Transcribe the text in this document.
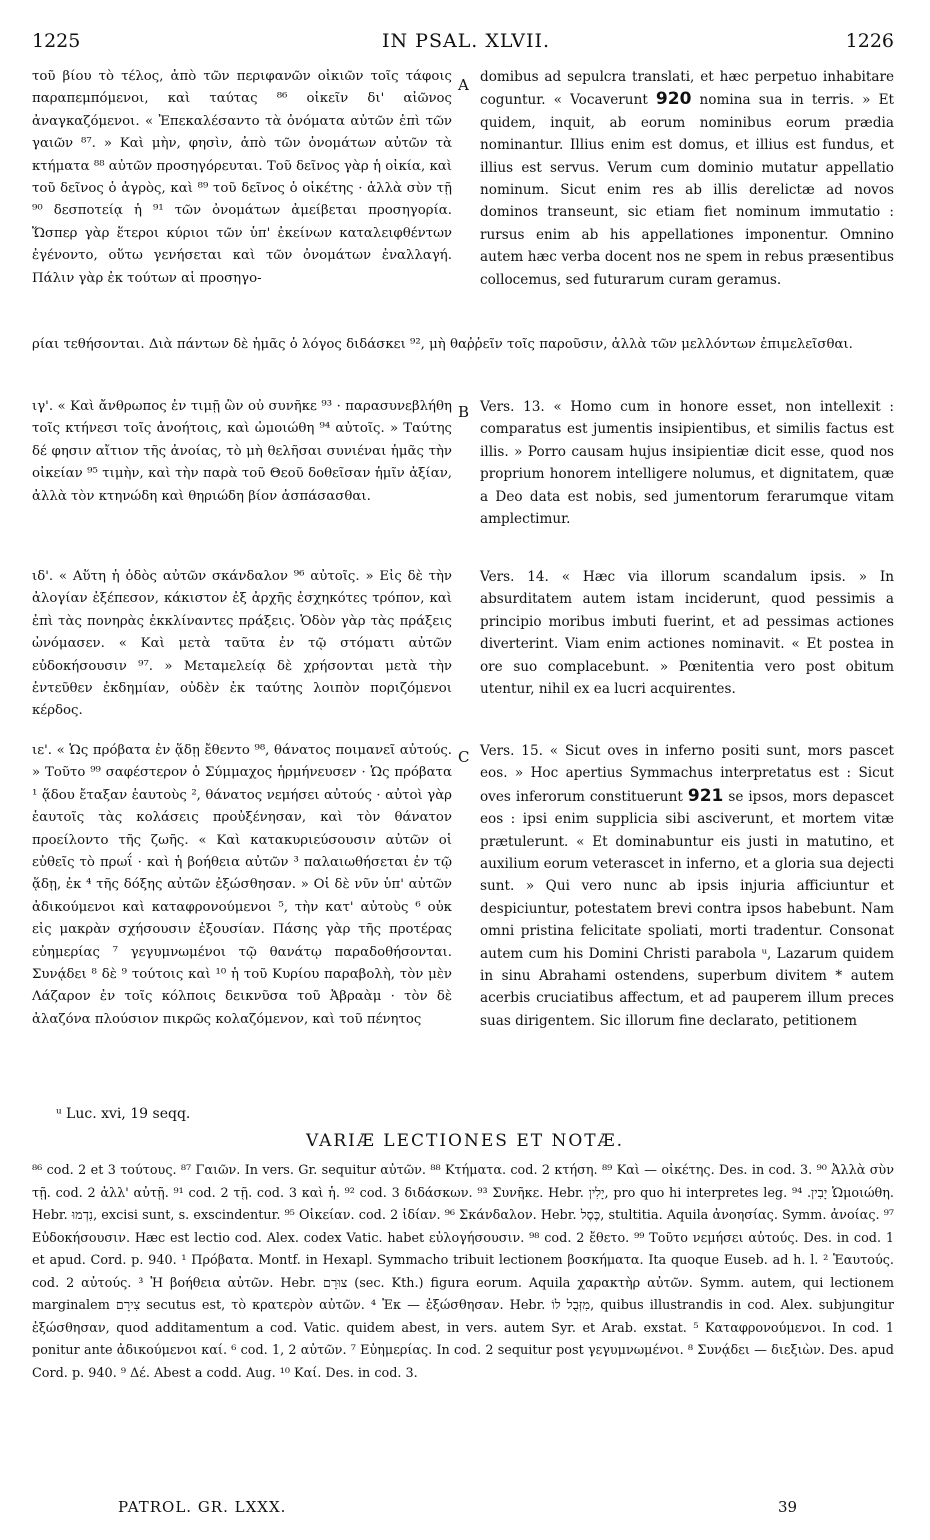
1225	IN PSAL. XLVII.	1226
τοῦ βίου τὸ τέλος, ἀπὸ τῶν περιφανῶν οἰκιῶν τοῖς τάφοις παραπεμπόμενοι, καὶ ταύτας ⁸⁶ οἰκεῖν δι' αἰῶνος ἀναγκαζόμενοι. « Ἐπεκαλέσαντο τὰ ὀνόματα αὐτῶν ἐπὶ τῶν γαιῶν ⁸⁷. » Καὶ μὴν, φησὶν, ἀπὸ τῶν ὀνομάτων αὐτῶν τὰ κτήματα ⁸⁸ αὐτῶν προσηγόρευται. Τοῦ δεῖνος γὰρ ἡ οἰκία, καὶ τοῦ δεῖνος ὁ ἀγρὸς, καὶ ⁸⁹ τοῦ δεῖνος ὁ οἰκέτης · ἀλλὰ σὺν τῇ ⁹⁰ δεσποτείᾳ ἡ ⁹¹ τῶν ὀνομάτων ἀμείβεται προσηγορία. Ὥσπερ γὰρ ἕτεροι κύριοι τῶν ὑπ' ἐκείνων καταλειφθέντων ἐγένοντο, οὕτω γενήσεται καὶ τῶν ὀνομάτων ἐναλλαγή. Πάλιν γὰρ ἐκ τούτων αἱ προσηγο-
A domibus ad sepulcra translati, et hæc perpetuo inhabitare coguntur. « Vocaverunt 920 nomina sua in terris. » Et quidem, inquit, ab eorum nominibus eorum prædia nominantur. Illius enim est domus, et illius est fundus, et illius est servus. Verum cum dominio mutatur appellatio nominum. Sicut enim res ab illis derelictæ ad novos dominos transeunt, sic etiam fiet nominum immutatio : rursus enim ab his appellationes imponentur. Omnino autem hæc verba docent nos ne spem in rebus præsentibus collocemus, sed futurarum curam geramus.
ρίαι τεθήσονται. Διὰ πάντων δὲ ἡμᾶς ὁ λόγος διδάσκει ⁹², μὴ θαῤῥεῖν τοῖς παροῦσιν, ἀλλὰ τῶν μελλόντων ἐπιμελεῖσθαι.
ιγ'. « Καὶ ἄνθρωπος ἐν τιμῇ ὢν οὐ συνῆκε ⁹³ · παρασυνεβλήθη τοῖς κτήνεσι τοῖς ἀνοήτοις, καὶ ὡμοιώθη ⁹⁴ αὐτοῖς. » Ταύτης δέ φησιν αἴτιον τῆς ἀνοίας, τὸ μὴ θελῆσαι συνιέναι ἡμᾶς τὴν οἰκείαν ⁹⁵ τιμὴν, καὶ τὴν παρὰ τοῦ Θεοῦ δοθεῖσαν ἡμῖν ἀξίαν, ἀλλὰ τὸν κτηνώδη καὶ θηριώδη βίον ἀσπάσασθαι.
B Vers. 13. « Homo cum in honore esset, non intellexit : comparatus est jumentis insipientibus, et similis factus est illis. » Porro causam hujus insipientiæ dicit esse, quod nos proprium honorem intelligere nolumus, et dignitatem, quæ a Deo data est nobis, sed jumentorum ferarumque vitam amplectimur.
ιδ'. « Αὕτη ἡ ὁδὸς αὐτῶν σκάνδαλον ⁹⁶ αὐτοῖς. » Εἰς δὲ τὴν ἀλογίαν ἐξέπεσον, κάκιστον ἐξ ἀρχῆς ἐσχηκότες τρόπον, καὶ ἐπὶ τὰς πονηρὰς ἐκκλίναντες πράξεις. Ὁδὸν γὰρ τὰς πράξεις ὠνόμασεν. « Καὶ μετὰ ταῦτα ἐν τῷ στόματι αὐτῶν εὐδοκήσουσιν ⁹⁷. » Μεταμελείᾳ δὲ χρήσονται μετὰ τὴν ἐντεῦθεν ἐκδημίαν, οὐδὲν ἐκ ταύτης λοιπὸν ποριζόμενοι κέρδος.
Vers. 14. « Hæc via illorum scandalum ipsis. » In absurditatem autem istam inciderunt, quod pessimis a principio moribus imbuti fuerint, et ad pessimas actiones diverterint. Viam enim actiones nominavit. « Et postea in ore suo complacebunt. » Pœnitentia vero post obitum utentur, nihil ex ea lucri acquirentes.
ιε'. « Ὡς πρόβατα ἐν ᾅδῃ ἔθεντο ⁹⁸, θάνατος ποιμανεῖ αὐτούς. » Τοῦτο ⁹⁹ σαφέστερον ὁ Σύμμαχος ἡρμήνευσεν · Ὡς πρόβατα ¹ ᾅδου ἔταξαν ἑαυτοὺς ², θάνατος νεμήσει αὐτούς · αὐτοὶ γὰρ ἑαυτοῖς τὰς κολάσεις προὐξένησαν, καὶ τὸν θάνατον προείλοντο τῆς ζωῆς. « Καὶ κατακυριεύσουσιν αὐτῶν οἱ εὐθεῖς τὸ πρωΐ · καὶ ἡ βοήθεια αὐτῶν ³ παλαιωθήσεται ἐν τῷ ᾅδῃ, ἐκ ⁴ τῆς δόξης αὐτῶν ἐξώσθησαν. » Οἱ δὲ νῦν ὑπ' αὐτῶν ἀδικούμενοι καὶ καταφρονούμενοι ⁵, τὴν κατ' αὐτοὺς ⁶ οὐκ εἰς μακρὰν σχήσουσιν ἐξουσίαν. Πάσης γὰρ τῆς προτέρας εὐημερίας ⁷ γεγυμνωμένοι τῷ θανάτῳ παραδοθήσονται. Συνᾴδει ⁸ δὲ ⁹ τούτοις καὶ ¹⁰ ἡ τοῦ Κυρίου παραβολὴ, τὸν μὲν Λάζαρον ἐν τοῖς κόλποις δεικνῦσα τοῦ Ἀβραὰμ · τὸν δὲ ἀλαζόνα πλούσιον πικρῶς κολαζόμενον, καὶ τοῦ πένητος
C Vers. 15. « Sicut oves in inferno positi sunt, mors pascet eos. » Hoc apertius Symmachus interpretatus est : Sicut oves inferorum constituerunt 921 se ipsos, mors depascet eos : ipsi enim supplicia sibi asciverunt, et mortem vitæ prætulerunt. « Et dominabuntur eis justi in matutino, et auxilium eorum veterascet in inferno, et a gloria sua dejecti sunt. » Qui vero nunc ab ipsis injuria afficiuntur et despiciuntur, potestatem brevi contra ipsos habebunt. Nam omni pristina felicitate spoliati, morti tradentur. Consonat autem cum his Domini Christi parabola ᵘ, Lazarum quidem in sinu Abrahami ostendens, superbum divitem * autem acerbis cruciatibus affectum, et ad pauperem illum preces suas dirigentem. Sic illorum fine declarato, petitionem
ᵘ Luc. xvi, 19 seqq.
VARIÆ LECTIONES ET NOTÆ.
⁸⁶ cod. 2 et 3 τούτους. ⁸⁷ Γαιῶν. In vers. Gr. sequitur αὐτῶν. ⁸⁸ Κτήματα. cod. 2 κτήση. ⁸⁹ Καὶ — οἰκέτης. Des. in cod. 3. ⁹⁰ Ἀλλὰ σὺν τῇ. cod. 2 ἀλλ' αὐτῇ. ⁹¹ cod. 2 τῇ. cod. 3 καὶ ἡ. ⁹² cod. 3 διδάσκων. ⁹³ Συνῆκε. Hebr. יָלִין, pro quo hi interpretes leg. יָבִין. ⁹⁴ Ὡμοιώθη. Hebr. נִדְמוּ, excisi sunt, s. exscindentur. ⁹⁵ Οἰκείαν. cod. 2 ἰδίαν. ⁹⁶ Σκάνδαλον. Hebr. כֶּסֶל, stultitia. Aquila ἀνοησίας. Symm. ἀνοίας. ⁹⁷ Εὐδοκήσουσιν. Hæc est lectio cod. Alex. codex Vatic. habet εὐλογήσουσιν. ⁹⁸ cod. 2 ἔθετο. ⁹⁹ Τοῦτο νεμήσει αὐτούς. Des. in cod. 1 et apud. Cord. p. 940. ¹ Πρόβατα. Montf. in Hexapl. Symmacho tribuit lectionem βοσκήματα. Ita quoque Euseb. ad h. l. ² Ἑαυτούς. cod. 2 αὐτούς. ³ Ἡ βοήθεια αὐτῶν. Hebr. צוּרָם (sec. Kth.) figura eorum. Aquila χαρακτὴρ αὐτῶν. Symm. autem, qui lectionem marginalem צִירָם secutus est, τὸ κρατερὸν αὐτῶν. ⁴ Ἐκ — ἐξώσθησαν. Hebr. מִזְּבֻל לוֹ, quibus illustrandis in cod. Alex. subjungitur ἐξώσθησαν, quod additamentum a cod. Vatic. quidem abest, in vers. autem Syr. et Arab. exstat. ⁵ Καταφρονούμενοι. In cod. 1 ponitur ante ἀδικούμενοι καί. ⁶ cod. 1, 2 αὐτῶν. ⁷ Εὐημερίας. In cod. 2 sequitur post γεγυμνωμένοι. ⁸ Συνᾴδει — διεξιὼν. Des. apud Cord. p. 940. ⁹ Δέ. Abest a codd. Aug. ¹⁰ Καί. Des. in cod. 3.
PATROL. GR. LXXX.	39
